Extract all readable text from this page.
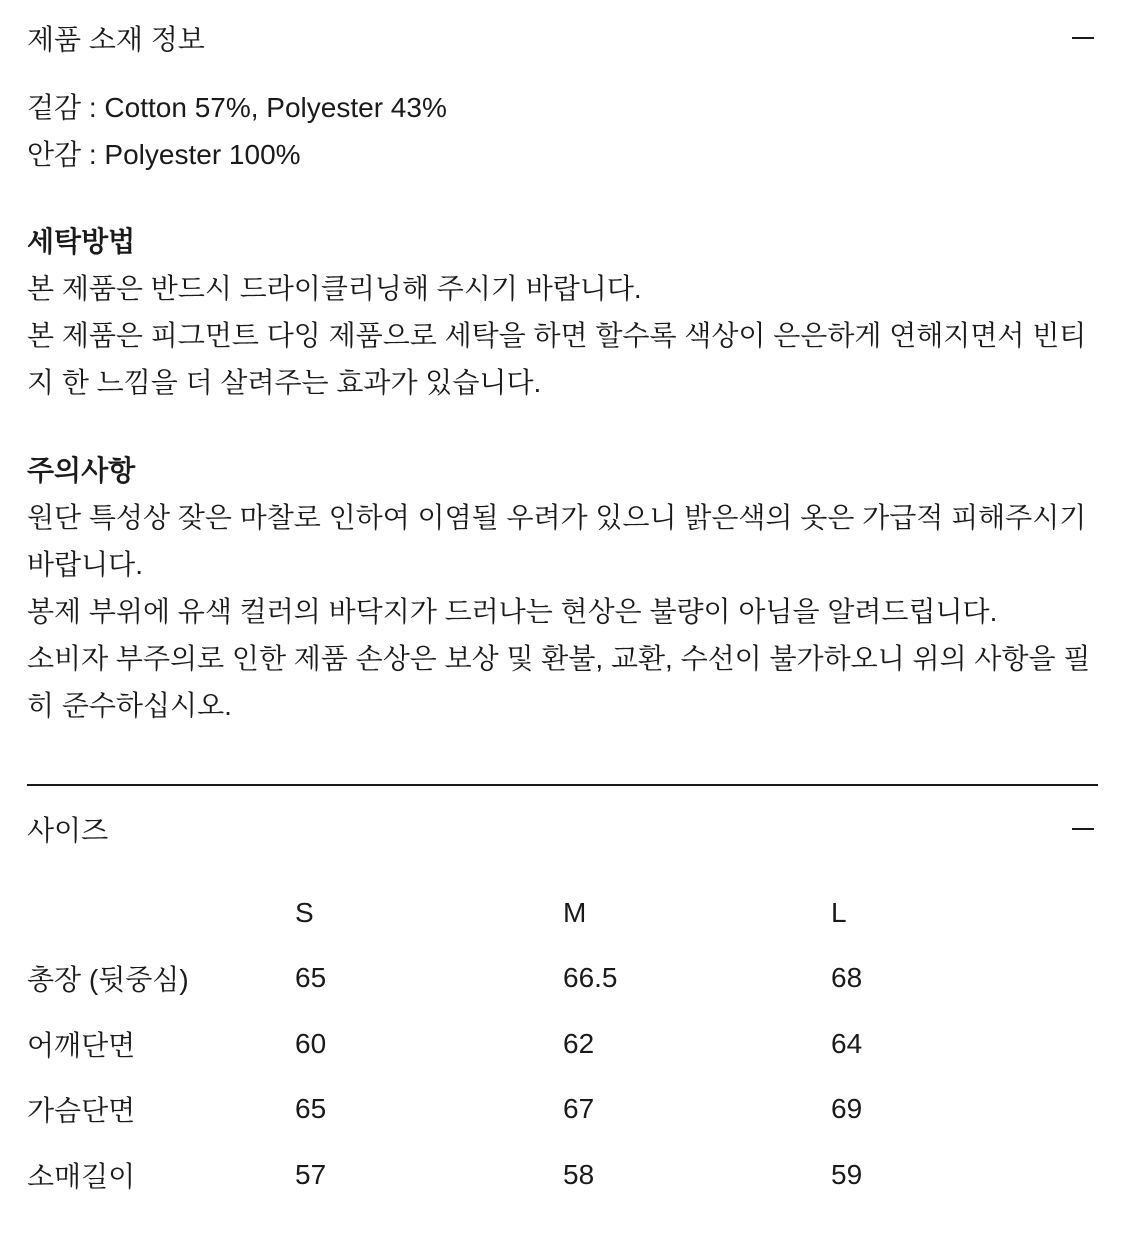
제품 소재 정보

겉감 : Cotton 57%, Polyester 43%

안감 : Polyester 100%

세탁방법

본 제품은 반드시 드라이클리닝해 주시기 바랍니다.

본 제품은 피그먼트 다잉 제품으로 세탁을 하면 할수록 색상이 은은하게 연해지면서 빈티지 한 느낌을 더 살려주는 효과가 있습니다.

주의사항

원단 특성상 잦은 마찰로 인하여 이염될 우려가 있으니 밝은색의 옷은 가급적 피해주시기 바랍니다.

봉제 부위에 유색 컬러의 바닥지가 드러나는 현상은 불량이 아님을 알려드립니다.

소비자 부주의로 인한 제품 손상은 보상 및 환불, 교환, 수선이 불가하오니 위의 사항을 필히 준수하십시오.

사이즈
	S	M	L
총장 (뒷중심)	65	66.5	68
어깨단면	60	62	64
가슴단면	65	67	69
소매길이	57	58	59
